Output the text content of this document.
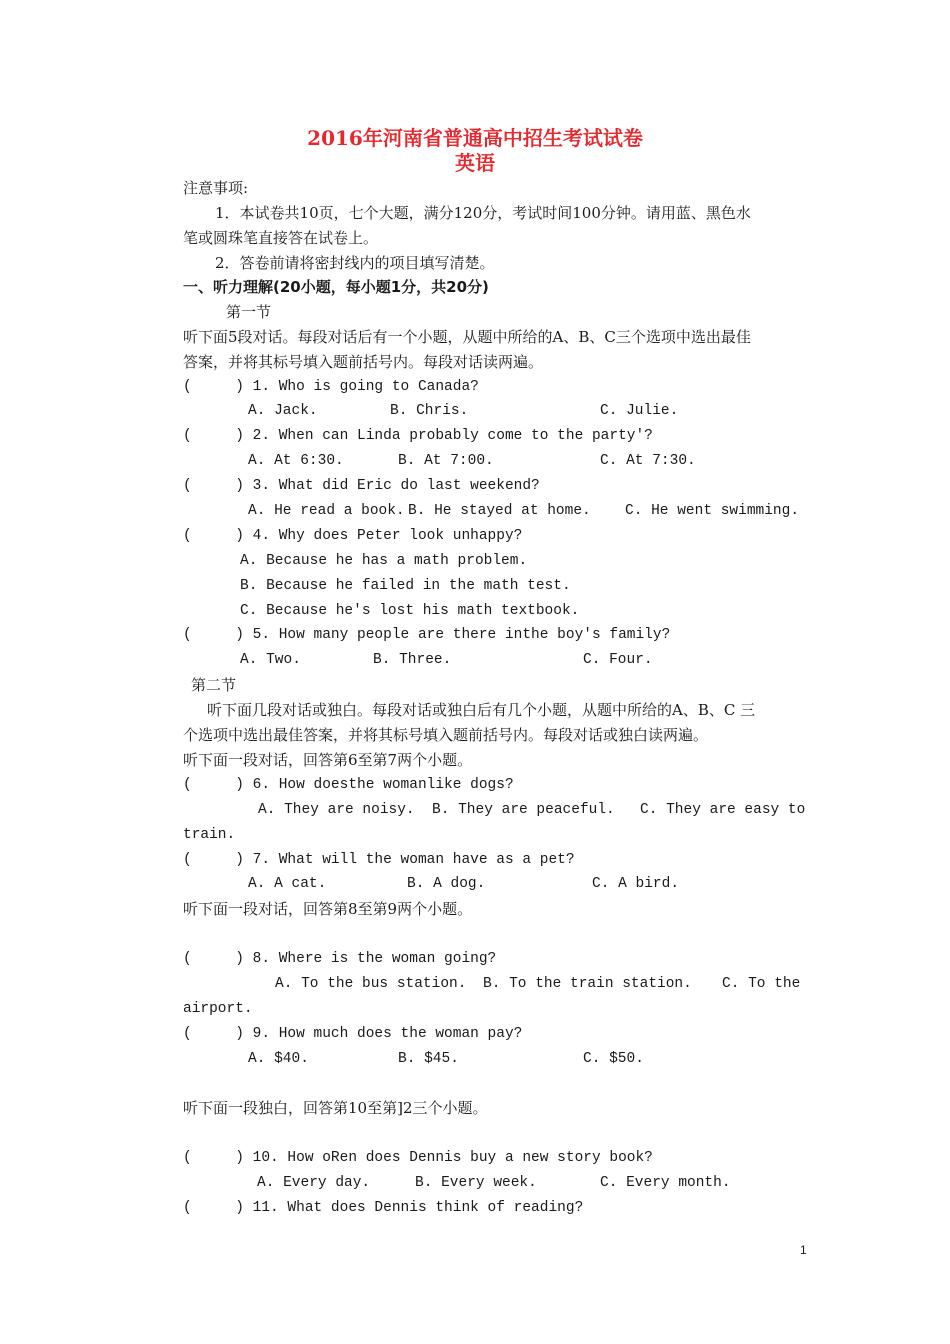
2016年河南省普通高中招生考试试卷
英语
注意事项:
1．本试卷共10页，七个大题，满分120分，考试时间100分钟。请用蓝、黑色水
笔或圆珠笔直接答在试卷上。
2．答卷前请将密封线内的项目填写清楚。
一、听力理解(20小题，每小题1分，共20分)
第一节
听下面5段对话。每段对话后有一个小题，从题中所给的A、B、C三个选项中选出最佳
答案，并将其标号填入题前括号内。每段对话读两遍。
(     ) 1. Who is going to Canada?
A. Jack.	B. Chris.	C. Julie.
(     ) 2. When can Linda probably come to the party'?
A. At 6:30.	B. At 7:00.	C. At 7:30.
(     ) 3. What did Eric do last weekend?
A. He read a book. B. He stayed at home. C. He went swimming.
(     ) 4. Why does Peter look unhappy?
A. Because he has a math problem.
B. Because he failed in the math test.
C. Because he's lost his math textbook.
(     ) 5. How many people are there inthe boy's family?
A. Two.	B. Three.	C. Four.
第二节
听下面几段对话或独白。每段对话或独白后有几个小题，从题中所给的A、B、C 三
个选项中选出最佳答案，并将其标号填入题前括号内。每段对话或独白读两遍。
听下面一段对话，回答第6至第7两个小题。
(     ) 6. How doesthe womanlike dogs?
A. They are noisy. B. They are peaceful. C. They are easy to
train.
(     ) 7. What will the woman have as a pet?
A. A cat.	B. A dog.	C. A bird.
听下面一段对话，回答第8至第9两个小题。
(     ) 8. Where is the woman going?
A. To the bus station. B. To the train station. C. To the
airport.
(     ) 9. How much does the woman pay?
A. $40.	B. $45.	C. $50.
听下面一段独白，回答第10至第]2三个小题。
(     ) 10. How oRen does Dennis buy a new story book?
A. Every day.	B. Every week.	C. Every month.
(     ) 11. What does Dennis think of reading?
1
